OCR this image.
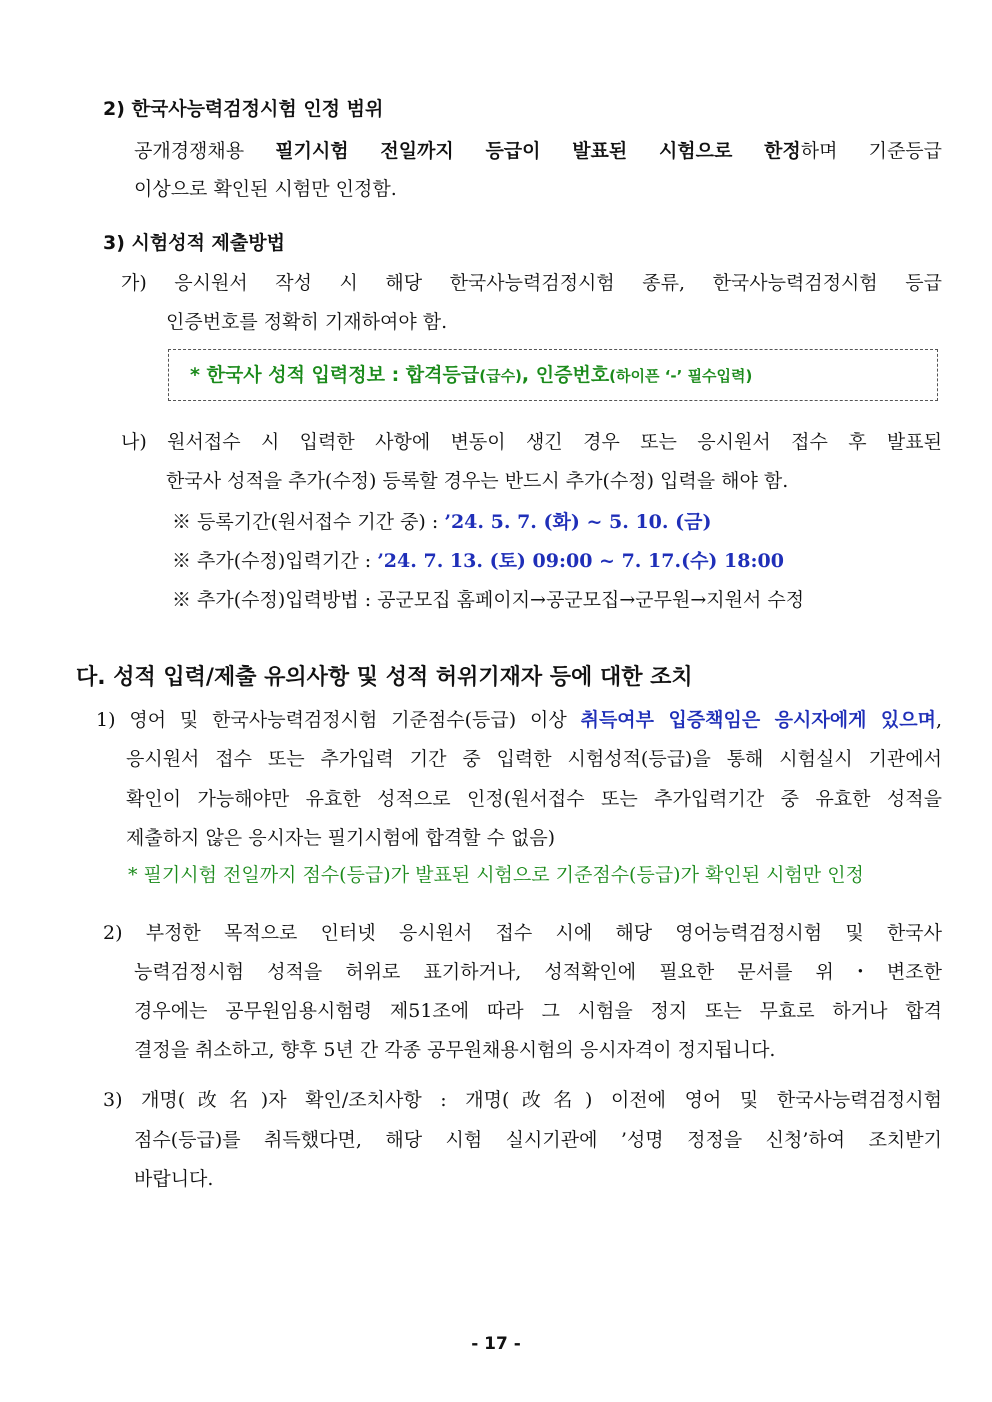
2) 한국사능력검정시험 인정 범위
공개경쟁채용 필기시험 전일까지 등급이 발표된 시험으로 한정하며 기준등급
이상으로 확인된 시험만 인정함.
3) 시험성적 제출방법
가) 응시원서 작성 시 해당 한국사능력검정시험 종류, 한국사능력검정시험 등급
인증번호를 정확히 기재하여야 함.
* 한국사 성적 입력정보 : 합격등급(급수), 인증번호(하이픈 ‘-’ 필수입력)
나) 원서접수 시 입력한 사항에 변동이 생긴 경우 또는 응시원서 접수 후 발표된
한국사 성적을 추가(수정) 등록할 경우는 반드시 추가(수정) 입력을 해야 함.
※ 등록기간(원서접수 기간 중) : ’24. 5. 7. (화) ~ 5. 10. (금)
※ 추가(수정)입력기간 : ’24. 7. 13. (토) 09:00 ~ 7. 17.(수) 18:00
※ 추가(수정)입력방법 : 공군모집 홈페이지→공군모집→군무원→지원서 수정
다. 성적 입력/제출 유의사항 및 성적 허위기재자 등에 대한 조치
1) 영어 및 한국사능력검정시험 기준점수(등급) 이상 취득여부 입증책임은 응시자에게 있으며,
응시원서 접수 또는 추가입력 기간 중 입력한 시험성적(등급)을 통해 시험실시 기관에서
확인이 가능해야만 유효한 성적으로 인정(원서접수 또는 추가입력기간 중 유효한 성적을
제출하지 않은 응시자는 필기시험에 합격할 수 없음)
* 필기시험 전일까지 점수(등급)가 발표된 시험으로 기준점수(등급)가 확인된 시험만 인정
2) 부정한 목적으로 인터넷 응시원서 접수 시에 해당 영어능력검정시험 및 한국사
능력검정시험 성적을 허위로 표기하거나, 성적확인에 필요한 문서를 위・변조한
경우에는 공무원임용시험령 제51조에 따라 그 시험을 정지 또는 무효로 하거나 합격
결정을 취소하고, 향후 5년 간 각종 공무원채용시험의 응시자격이 정지됩니다.
3) 개명(改名)자 확인/조치사항 : 개명(改名) 이전에 영어 및 한국사능력검정시험
점수(등급)를 취득했다면, 해당 시험 실시기관에 ’성명 정정을 신청’하여 조치받기
바랍니다.
- 17 -
